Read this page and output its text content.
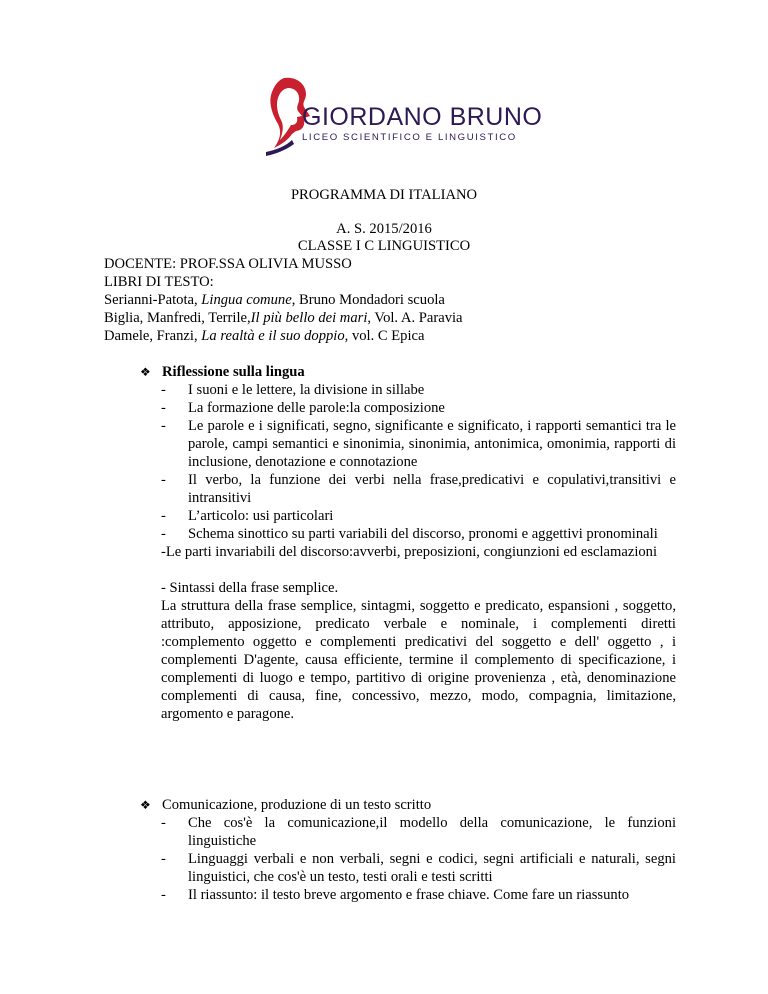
GIORDANO BRUNO
LICEO SCIENTIFICO E LINGUISTICO
PROGRAMMA DI ITALIANO
A. S. 2015/2016
CLASSE I C LINGUISTICO
DOCENTE: PROF.SSA OLIVIA MUSSO
LIBRI DI TESTO:
Serianni-Patota, Lingua comune, Bruno Mondadori scuola
Biglia, Manfredi, Terrile,Il più bello dei mari, Vol. A. Paravia
Damele, Franzi, La realtà e il suo doppio, vol. C Epica
❖ Riflessione sulla lingua
- I suoni e le lettere, la divisione in sillabe
- La formazione delle parole:la composizione
- Le parole e i significati, segno, significante e significato, i rapporti semantici tra le parole, campi semantici e sinonimia, sinonimia, antonimica, omonimia, rapporti di inclusione, denotazione e connotazione
- Il verbo, la funzione dei verbi nella frase,predicativi e copulativi,transitivi e intransitivi
- L’articolo: usi particolari
- Schema sinottico su parti variabili del discorso, pronomi e aggettivi pronominali
-Le parti invariabili del discorso:avverbi, preposizioni, congiunzioni ed esclamazioni
- Sintassi della frase semplice.
La struttura della frase semplice, sintagmi, soggetto e predicato, espansioni , soggetto, attributo, apposizione, predicato verbale e nominale, i complementi diretti :complemento oggetto e complementi predicativi del soggetto e dell' oggetto , i complementi D'agente, causa efficiente, termine il complemento di specificazione, i complementi di luogo e tempo, partitivo di origine provenienza , età, denominazione complementi di causa, fine, concessivo, mezzo, modo, compagnia, limitazione, argomento e paragone.
❖ Comunicazione, produzione di un testo scritto
- Che cos'è la comunicazione,il modello della comunicazione, le funzioni linguistiche
- Linguaggi verbali e non verbali, segni e codici, segni artificiali e naturali, segni linguistici, che cos'è un testo, testi orali e testi scritti
- Il riassunto: il testo breve argomento e frase chiave. Come fare un riassunto
